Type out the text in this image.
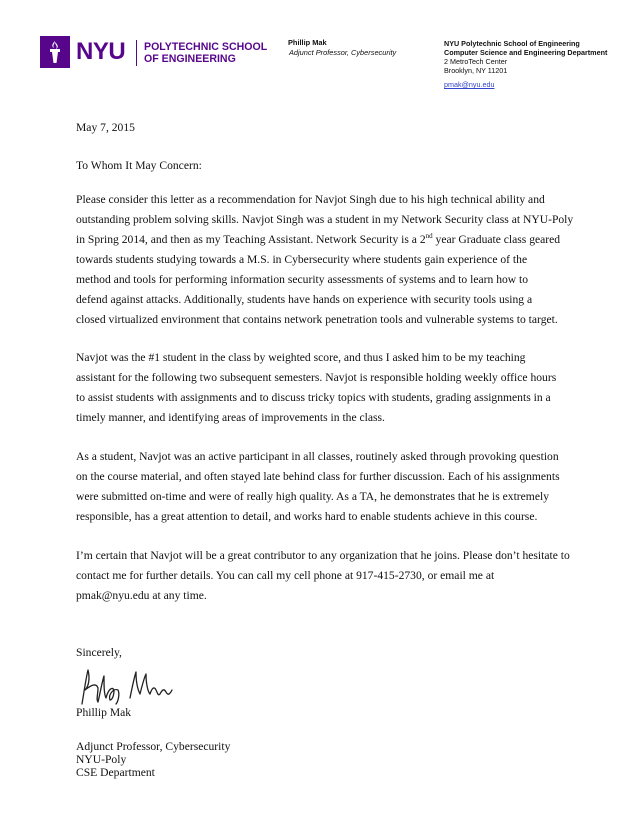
NYU POLYTECHNIC SCHOOL
OF ENGINEERING
Phillip Mak
Adjunct Professor, Cybersecurity
NYU Polytechnic School of Engineering
Computer Science and Engineering Department
2 MetroTech Center
Brooklyn, NY 11201
pmak@nyu.edu
May 7, 2015
To Whom It May Concern:
Please consider this letter as a recommendation for Navjot Singh due to his high technical ability and
outstanding problem solving skills. Navjot Singh was a student in my Network Security class at NYU-Poly
in Spring 2014, and then as my Teaching Assistant. Network Security is a 2nd year Graduate class geared
towards students studying towards a M.S. in Cybersecurity where students gain experience of the
method and tools for performing information security assessments of systems and to learn how to
defend against attacks. Additionally, students have hands on experience with security tools using a
closed virtualized environment that contains network penetration tools and vulnerable systems to target.
Navjot was the #1 student in the class by weighted score, and thus I asked him to be my teaching
assistant for the following two subsequent semesters. Navjot is responsible holding weekly office hours
to assist students with assignments and to discuss tricky topics with students, grading assignments in a
timely manner, and identifying areas of improvements in the class.
As a student, Navjot was an active participant in all classes, routinely asked through provoking question
on the course material, and often stayed late behind class for further discussion. Each of his assignments
were submitted on-time and were of really high quality. As a TA, he demonstrates that he is extremely
responsible, has a great attention to detail, and works hard to enable students achieve in this course.
I’m certain that Navjot will be a great contributor to any organization that he joins. Please don’t hesitate to
contact me for further details. You can call my cell phone at 917-415-2730, or email me at
pmak@nyu.edu at any time.
Sincerely,
Phillip Mak
Adjunct Professor, Cybersecurity
NYU-Poly
CSE Department
